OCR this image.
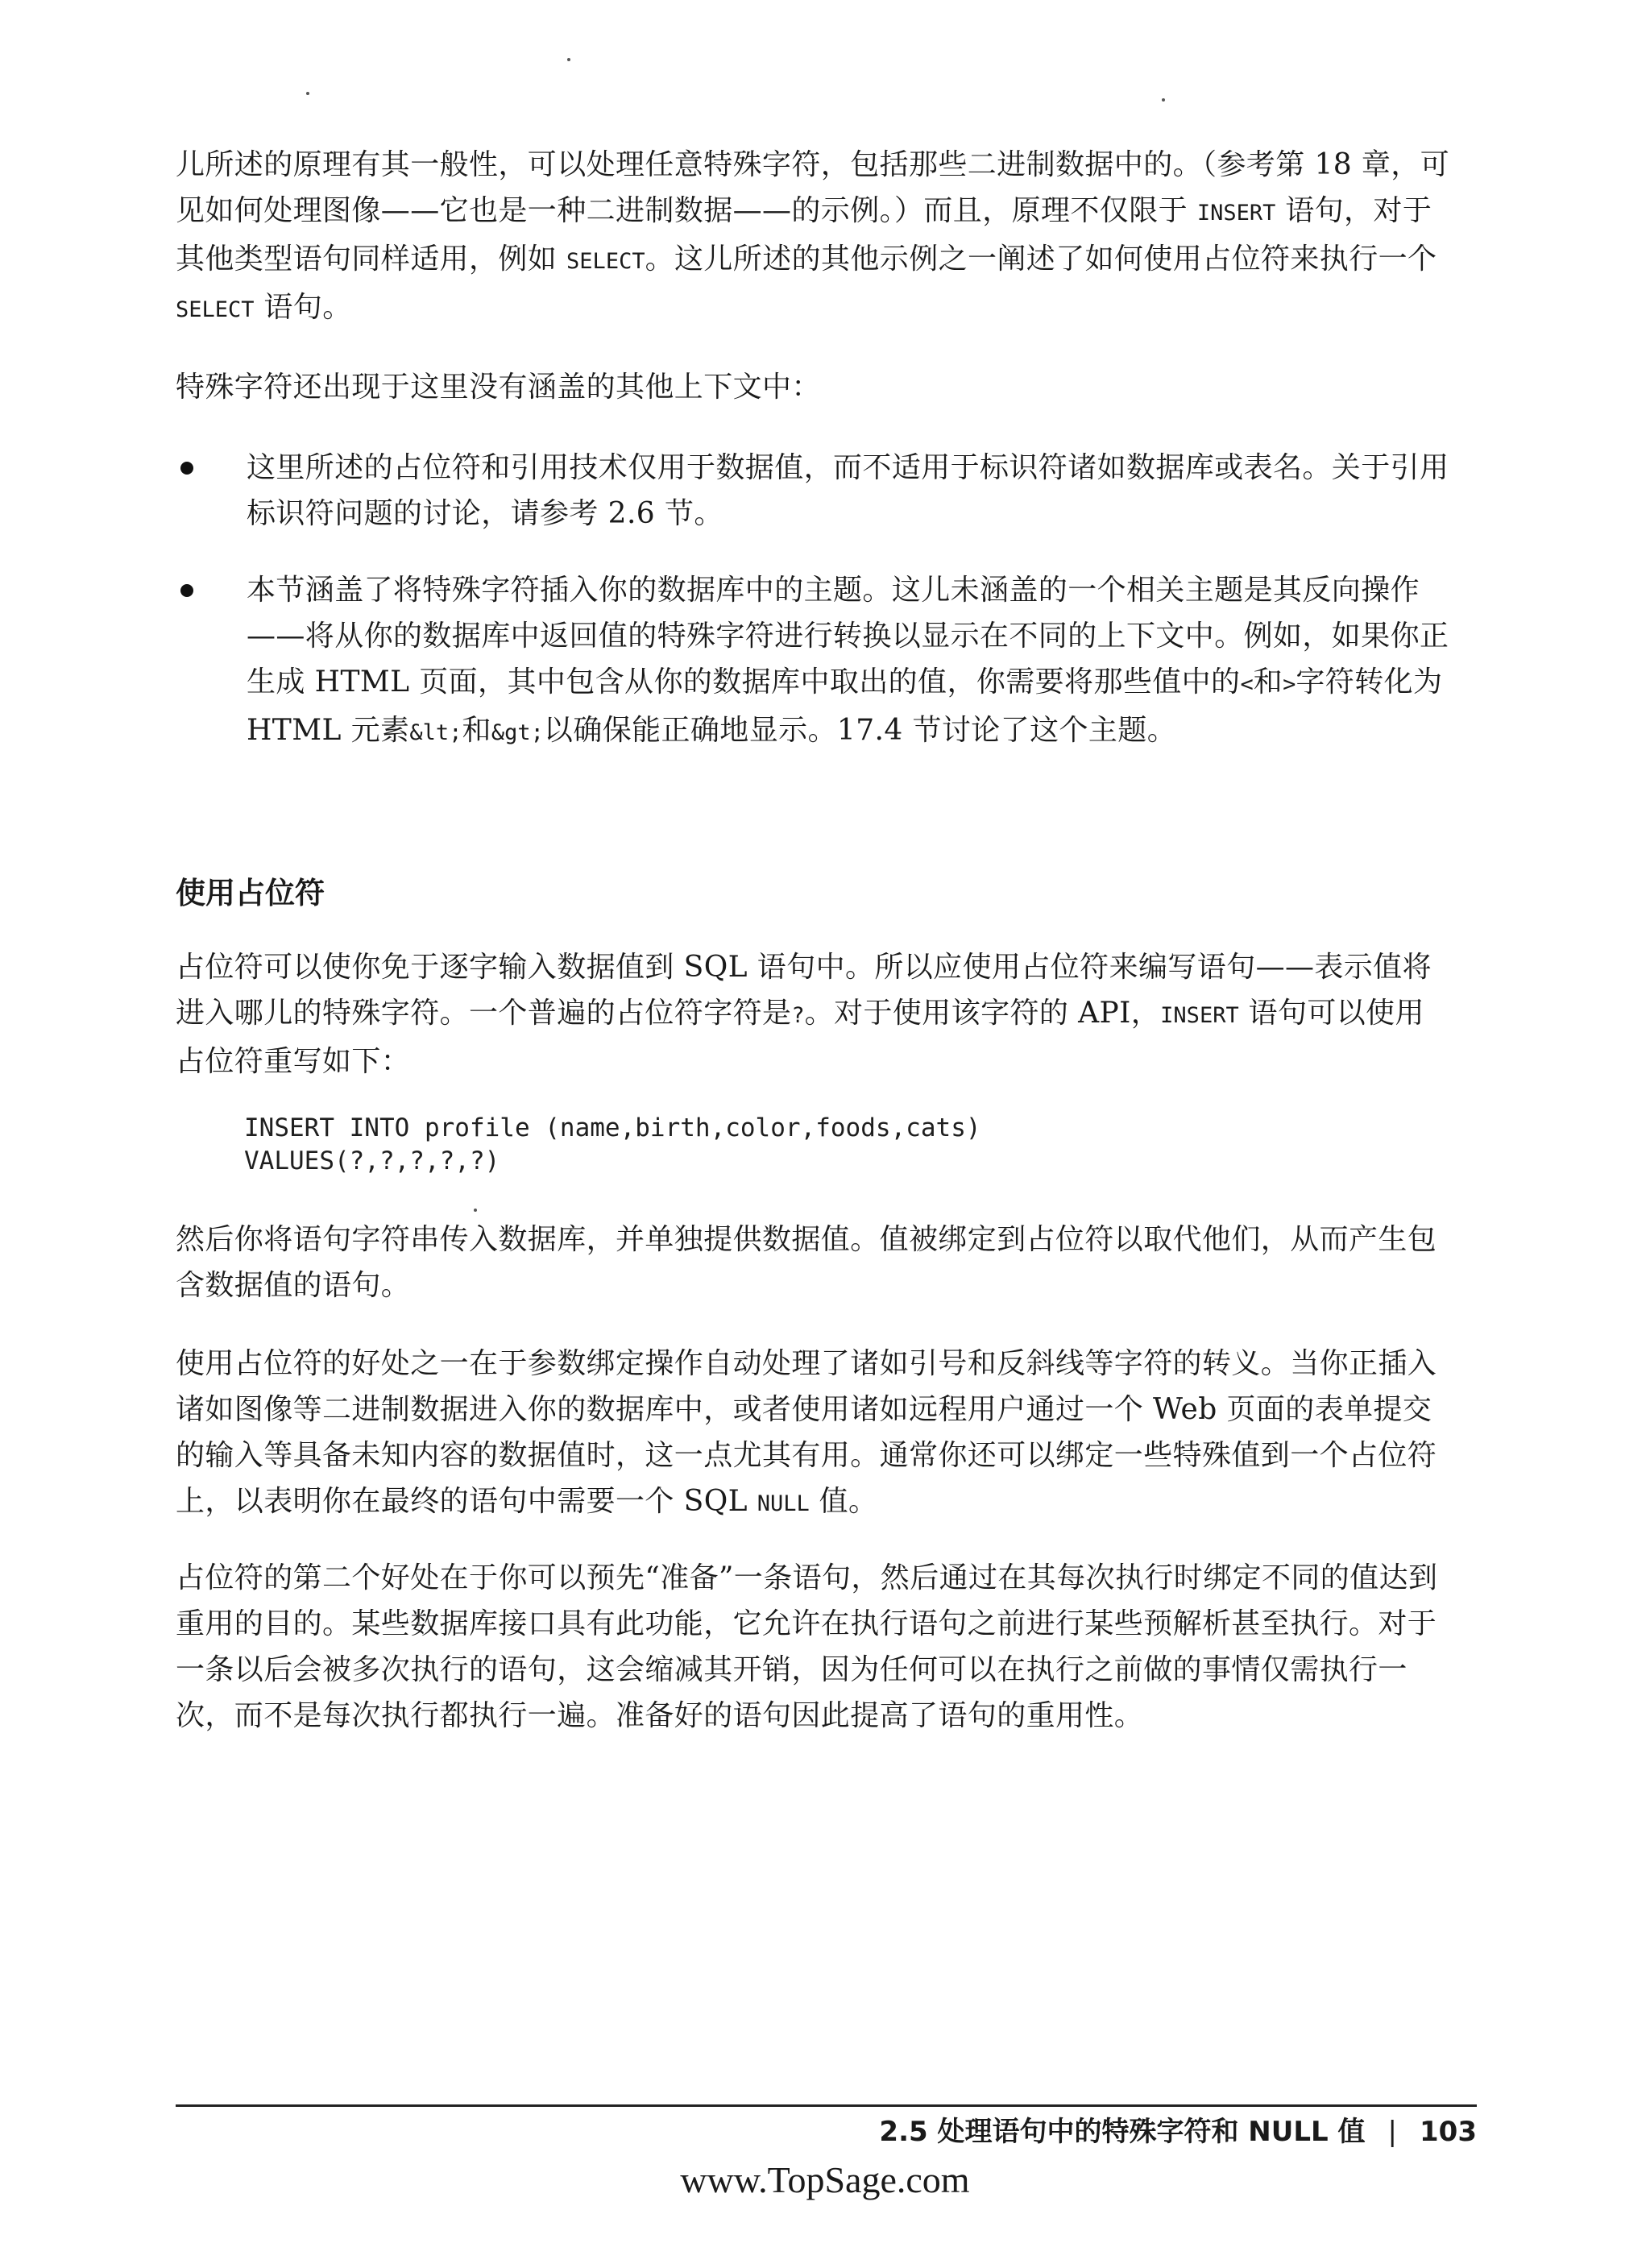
儿所述的原理有其一般性，可以处理任意特殊字符，包括那些二进制数据中的。（参考第 18 章，可见如何处理图像——它也是一种二进制数据——的示例。）而且，原理不仅限于 INSERT 语句，对于其他类型语句同样适用，例如 SELECT。这儿所述的其他示例之一阐述了如何使用占位符来执行一个 SELECT 语句。

特殊字符还出现于这里没有涵盖的其他上下文中：

这里所述的占位符和引用技术仅用于数据值，而不适用于标识符诸如数据库或表名。关于引用标识符问题的讨论，请参考 2.6 节。

本节涵盖了将特殊字符插入你的数据库中的主题。这儿未涵盖的一个相关主题是其反向操作——将从你的数据库中返回值的特殊字符进行转换以显示在不同的上下文中。例如，如果你正生成 HTML 页面，其中包含从你的数据库中取出的值，你需要将那些值中的<和>字符转化为 HTML 元素&lt;和&gt;以确保能正确地显示。17.4 节讨论了这个主题。

使用占位符

占位符可以使你免于逐字输入数据值到 SQL 语句中。所以应使用占位符来编写语句——表示值将进入哪儿的特殊字符。一个普遍的占位符字符是?。对于使用该字符的 API，INSERT 语句可以使用占位符重写如下：

INSERT INTO profile (name,birth,color,foods,cats)
VALUES(?,?,?,?,?)

然后你将语句字符串传入数据库，并单独提供数据值。值被绑定到占位符以取代他们，从而产生包含数据值的语句。

使用占位符的好处之一在于参数绑定操作自动处理了诸如引号和反斜线等字符的转义。当你正插入诸如图像等二进制数据进入你的数据库中，或者使用诸如远程用户通过一个 Web 页面的表单提交的输入等具备未知内容的数据值时，这一点尤其有用。通常你还可以绑定一些特殊值到一个占位符上，以表明你在最终的语句中需要一个 SQL NULL 值。

占位符的第二个好处在于你可以预先“准备”一条语句，然后通过在其每次执行时绑定不同的值达到重用的目的。某些数据库接口具有此功能，它允许在执行语句之前进行某些预解析甚至执行。对于一条以后会被多次执行的语句，这会缩减其开销，因为任何可以在执行之前做的事情仅需执行一次，而不是每次执行都执行一遍。准备好的语句因此提高了语句的重用性。

2.5 处理语句中的特殊字符和 NULL 值 | 103
www.TopSage.com
